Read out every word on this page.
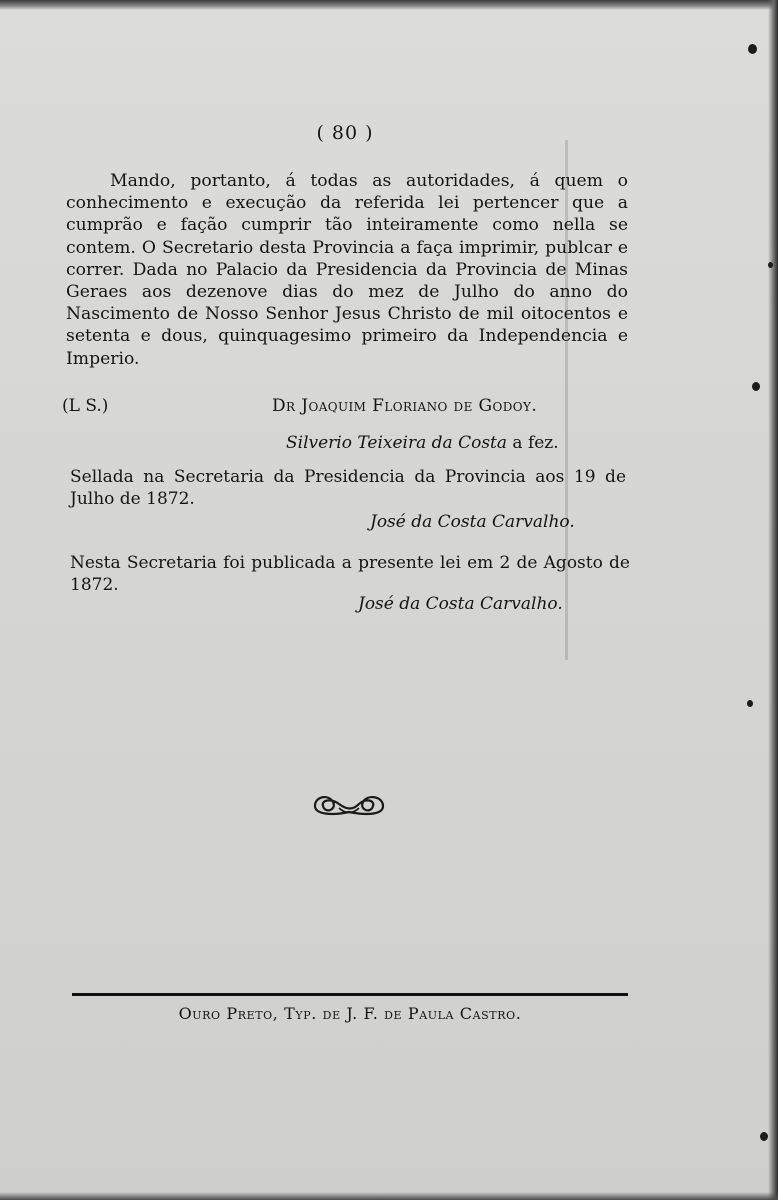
( 80 )
Mando, portanto, á todas as autoridades, á quem o conhecimento e execução da referida lei pertencer que a cumprão e fação cumprir tão inteiramente como nella se contem. O Secretario desta Provincia a faça imprimir, publcar e correr. Dada no Palacio da Presidencia da Provincia de Minas Geraes aos dezenove dias do mez de Julho do anno do Nascimento de Nosso Senhor Jesus Christo de mil oitocentos e setenta e dous, quinquagesimo primeiro da Independencia e Imperio.
(L S.)	Dr Joaquim Floriano de Godoy.
Silverio Teixeira da Costa a fez.
Sellada na Secretaria da Presidencia da Provincia aos 19 de Julho de 1872.
José da Costa Carvalho.
Nesta Secretaria foi publicada a presente lei em 2 de Agosto de 1872.
José da Costa Carvalho.
Ouro Preto, Typ. de J. F. de Paula Castro.
